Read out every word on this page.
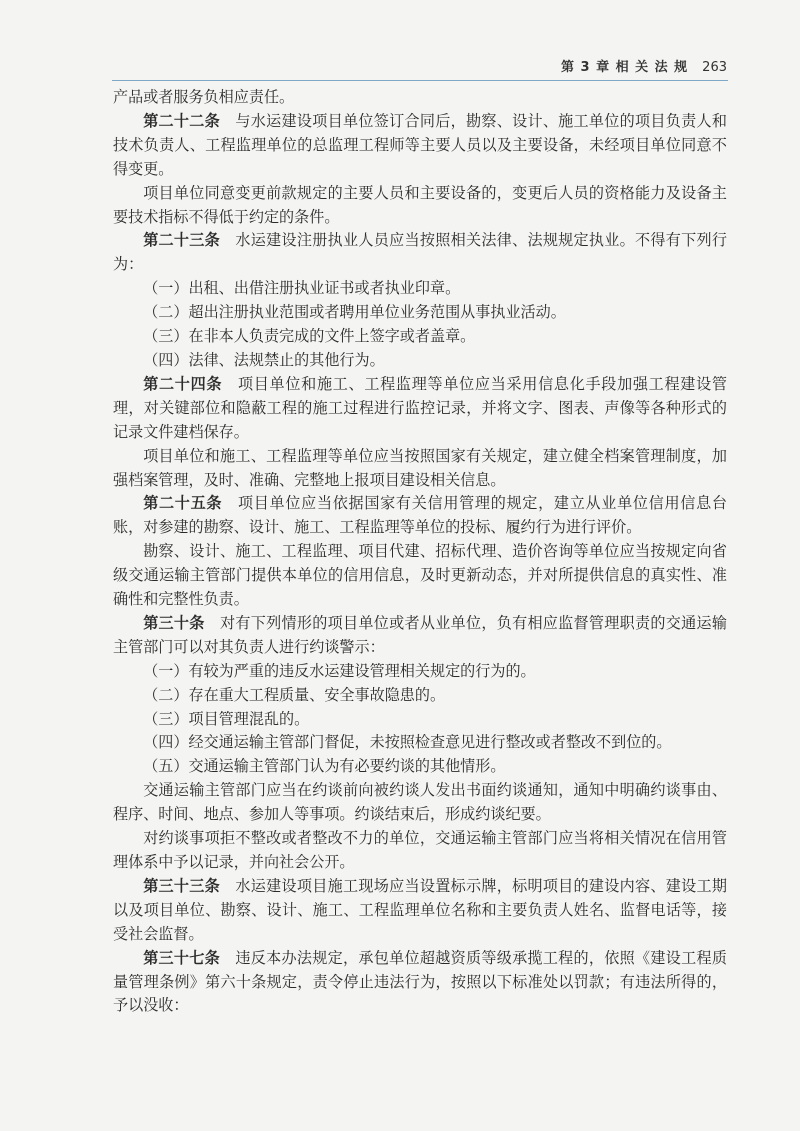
第 3 章 相 关 法 规 263

产品或者服务负相应责任。

第二十二条　 与水运建设项目单位签订合同后，勘察、设计、施工单位的项目负责人和技术负责人、工程监理单位的总监理工程师等主要人员以及主要设备，未经项目单位同意不得变更。

项目单位同意变更前款规定的主要人员和主要设备的，变更后人员的资格能力及设备主要技术指标不得低于约定的条件。

第二十三条　 水运建设注册执业人员应当按照相关法律、法规规定执业。不得有下列行为：

（一）出租、出借注册执业证书或者执业印章。

（二）超出注册执业范围或者聘用单位业务范围从事执业活动。

（三）在非本人负责完成的文件上签字或者盖章。

（四）法律、法规禁止的其他行为。

第二十四条　 项目单位和施工、工程监理等单位应当采用信息化手段加强工程建设管理，对关键部位和隐蔽工程的施工过程进行监控记录，并将文字、图表、声像等各种形式的记录文件建档保存。

项目单位和施工、工程监理等单位应当按照国家有关规定，建立健全档案管理制度，加强档案管理，及时、准确、完整地上报项目建设相关信息。

第二十五条　 项目单位应当依据国家有关信用管理的规定，建立从业单位信用信息台账，对参建的勘察、设计、施工、工程监理等单位的投标、履约行为进行评价。

勘察、设计、施工、工程监理、项目代建、招标代理、造价咨询等单位应当按规定向省级交通运输主管部门提供本单位的信用信息，及时更新动态，并对所提供信息的真实性、准确性和完整性负责。

第三十条　 对有下列情形的项目单位或者从业单位，负有相应监督管理职责的交通运输主管部门可以对其负责人进行约谈警示：

（一）有较为严重的违反水运建设管理相关规定的行为的。

（二）存在重大工程质量、安全事故隐患的。

（三）项目管理混乱的。

（四）经交通运输主管部门督促，未按照检查意见进行整改或者整改不到位的。

（五）交通运输主管部门认为有必要约谈的其他情形。

交通运输主管部门应当在约谈前向被约谈人发出书面约谈通知，通知中明确约谈事由、程序、时间、地点、参加人等事项。约谈结束后，形成约谈纪要。

对约谈事项拒不整改或者整改不力的单位，交通运输主管部门应当将相关情况在信用管理体系中予以记录，并向社会公开。

第三十三条　 水运建设项目施工现场应当设置标示牌，标明项目的建设内容、建设工期以及项目单位、勘察、设计、施工、工程监理单位名称和主要负责人姓名、监督电话等，接受社会监督。

第三十七条　 违反本办法规定，承包单位超越资质等级承揽工程的，依照《建设工程质量管理条例》第六十条规定，责令停止违法行为，按照以下标准处以罚款；有违法所得的，予以没收：
